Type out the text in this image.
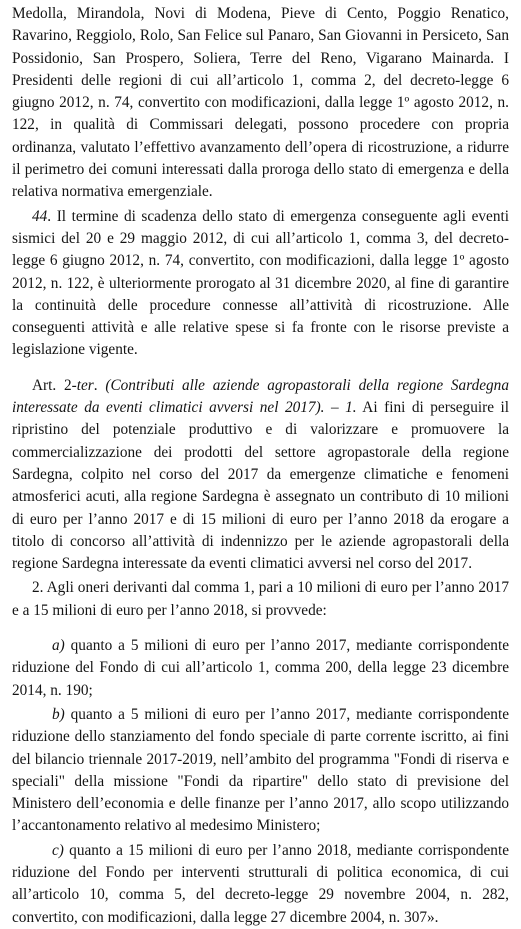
Medolla, Mirandola, Novi di Modena, Pieve di Cento, Poggio Renatico, Ravarino, Reggiolo, Rolo, San Felice sul Panaro, San Giovanni in Persiceto, San Possidonio, San Prospero, Soliera, Terre del Reno, Vigarano Mainarda. I Presidenti delle regioni di cui all’articolo 1, comma 2, del decreto-legge 6 giugno 2012, n. 74, convertito con modificazioni, dalla legge 1º agosto 2012, n. 122, in qualità di Commissari delegati, possono procedere con propria ordinanza, valutato l’effettivo avanzamento dell’opera di ricostruzione, a ridurre il perimetro dei comuni interessati dalla proroga dello stato di emergenza e della relativa normativa emergenziale.

44. Il termine di scadenza dello stato di emergenza conseguente agli eventi sismici del 20 e 29 maggio 2012, di cui all’articolo 1, comma 3, del decreto-legge 6 giugno 2012, n. 74, convertito, con modificazioni, dalla legge 1º agosto 2012, n. 122, è ulteriormente prorogato al 31 dicembre 2020, al fine di garantire la continuità delle procedure connesse all’attività di ricostruzione. Alle conseguenti attività e alle relative spese si fa fronte con le risorse previste a legislazione vigente.

Art. 2-ter. (Contributi alle aziende agropastorali della regione Sardegna interessate da eventi climatici avversi nel 2017). – 1. Ai fini di perseguire il ripristino del potenziale produttivo e di valorizzare e promuovere la commercializzazione dei prodotti del settore agropastorale della regione Sardegna, colpito nel corso del 2017 da emergenze climatiche e fenomeni atmosferici acuti, alla regione Sardegna è assegnato un contributo di 10 milioni di euro per l’anno 2017 e di 15 milioni di euro per l’anno 2018 da erogare a titolo di concorso all’attività di indennizzo per le aziende agropastorali della regione Sardegna interessate da eventi climatici avversi nel corso del 2017.

2. Agli oneri derivanti dal comma 1, pari a 10 milioni di euro per l’anno 2017 e a 15 milioni di euro per l’anno 2018, si provvede:

a) quanto a 5 milioni di euro per l’anno 2017, mediante corrispondente riduzione del Fondo di cui all’articolo 1, comma 200, della legge 23 dicembre 2014, n. 190;

b) quanto a 5 milioni di euro per l’anno 2017, mediante corrispondente riduzione dello stanziamento del fondo speciale di parte corrente iscritto, ai fini del bilancio triennale 2017-2019, nell’ambito del programma "Fondi di riserva e speciali" della missione "Fondi da ripartire" dello stato di previsione del Ministero dell’economia e delle finanze per l’anno 2017, allo scopo utilizzando l’accantonamento relativo al medesimo Ministero;

c) quanto a 15 milioni di euro per l’anno 2018, mediante corrispondente riduzione del Fondo per interventi strutturali di politica economica, di cui all’articolo 10, comma 5, del decreto-legge 29 novembre 2004, n. 282, convertito, con modificazioni, dalla legge 27 dicembre 2004, n. 307».
